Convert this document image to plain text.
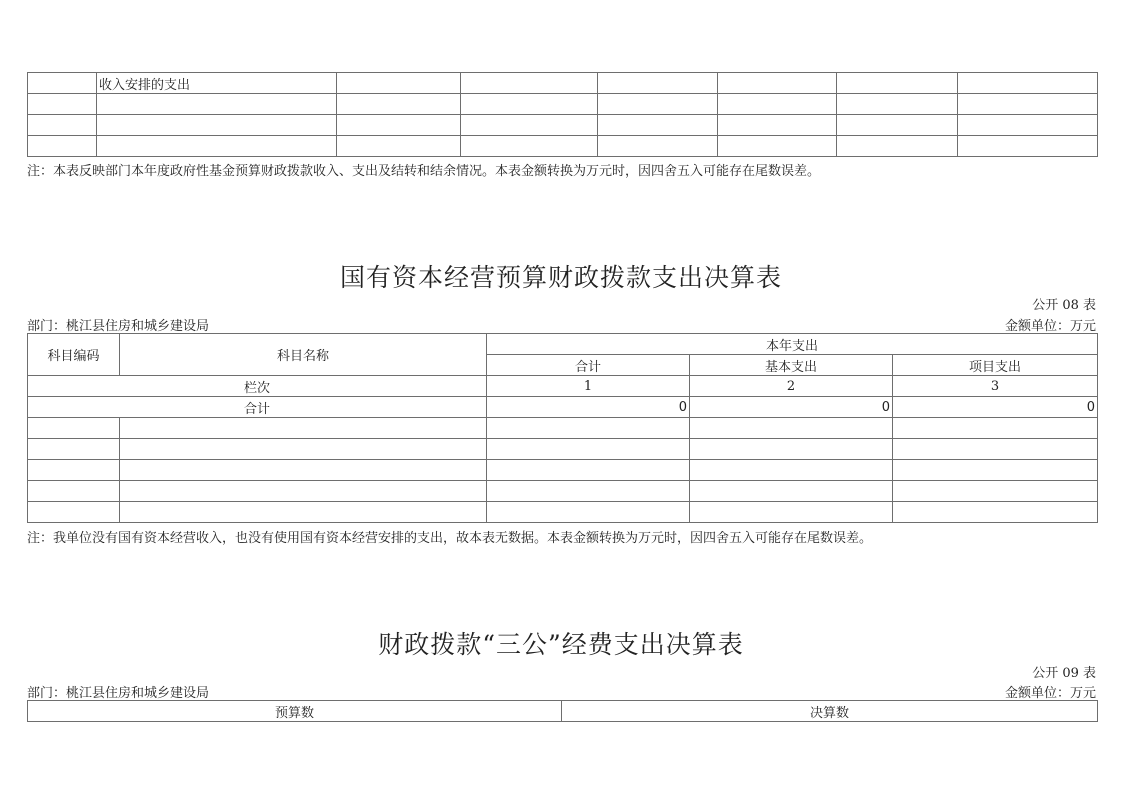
	收入安排的支出						

注：本表反映部门本年度政府性基金预算财政拨款收入、支出及结转和结余情况。本表金额转换为万元时，因四舍五入可能存在尾数误差。
国有资本经营预算财政拨款支出决算表
公开 08 表
部门：桃江县住房和城乡建设局	金额单位：万元
科目编码	科目名称	本年支出		
		合计	基本支出	项目支出
栏次		1	2	3
合计		0	0	0

注：我单位没有国有资本经营收入，也没有使用国有资本经营安排的支出，故本表无数据。本表金额转换为万元时，因四舍五入可能存在尾数误差。
财政拨款“三公”经费支出决算表
公开 09 表
部门：桃江县住房和城乡建设局	金额单位：万元
预算数	决算数
